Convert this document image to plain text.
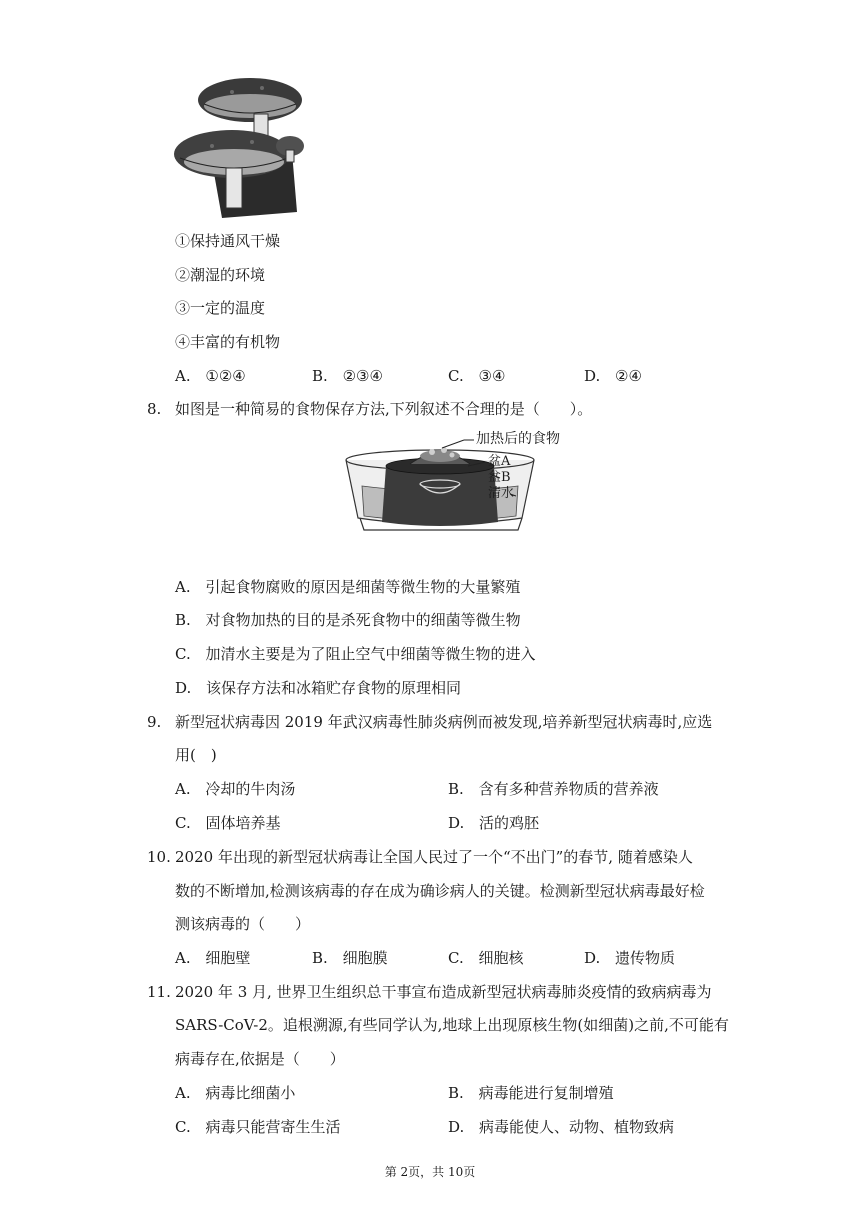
①保持通风干燥
②潮湿的环境
③一定的温度
④丰富的有机物
A. ①②④	B. ②③④	C. ③④	D. ②④
8. 如图是一种简易的食物保存方法,下列叙述不合理的是（　　）。
加热后的食物
盆A
盆B
清水
A. 引起食物腐败的原因是细菌等微生物的大量繁殖
B. 对食物加热的目的是杀死食物中的细菌等微生物
C. 加清水主要是为了阻止空气中细菌等微生物的进入
D. 该保存方法和冰箱贮存食物的原理相同
9. 新型冠状病毒因 2019 年武汉病毒性肺炎病例而被发现,培养新型冠状病毒时,应选
用(　)
A. 冷却的牛肉汤	B. 含有多种营养物质的营养液
C. 固体培养基	D. 活的鸡胚
10. 2020 年出现的新型冠状病毒让全国人民过了一个“不出门”的春节, 随着感染人
数的不断增加,检测该病毒的存在成为确诊病人的关键。检测新型冠状病毒最好检
测该病毒的（　　）
A. 细胞壁	B. 细胞膜	C. 细胞核	D. 遗传物质
11. 2020 年 3 月, 世界卫生组织总干事宣布造成新型冠状病毒肺炎疫情的致病病毒为
SARS-CoV-2。追根溯源,有些同学认为,地球上出现原核生物(如细菌)之前,不可能有
病毒存在,依据是（　　）
A. 病毒比细菌小	B. 病毒能进行复制增殖
C. 病毒只能营寄生生活	D. 病毒能使人、动物、植物致病
第 2页，共 10页
